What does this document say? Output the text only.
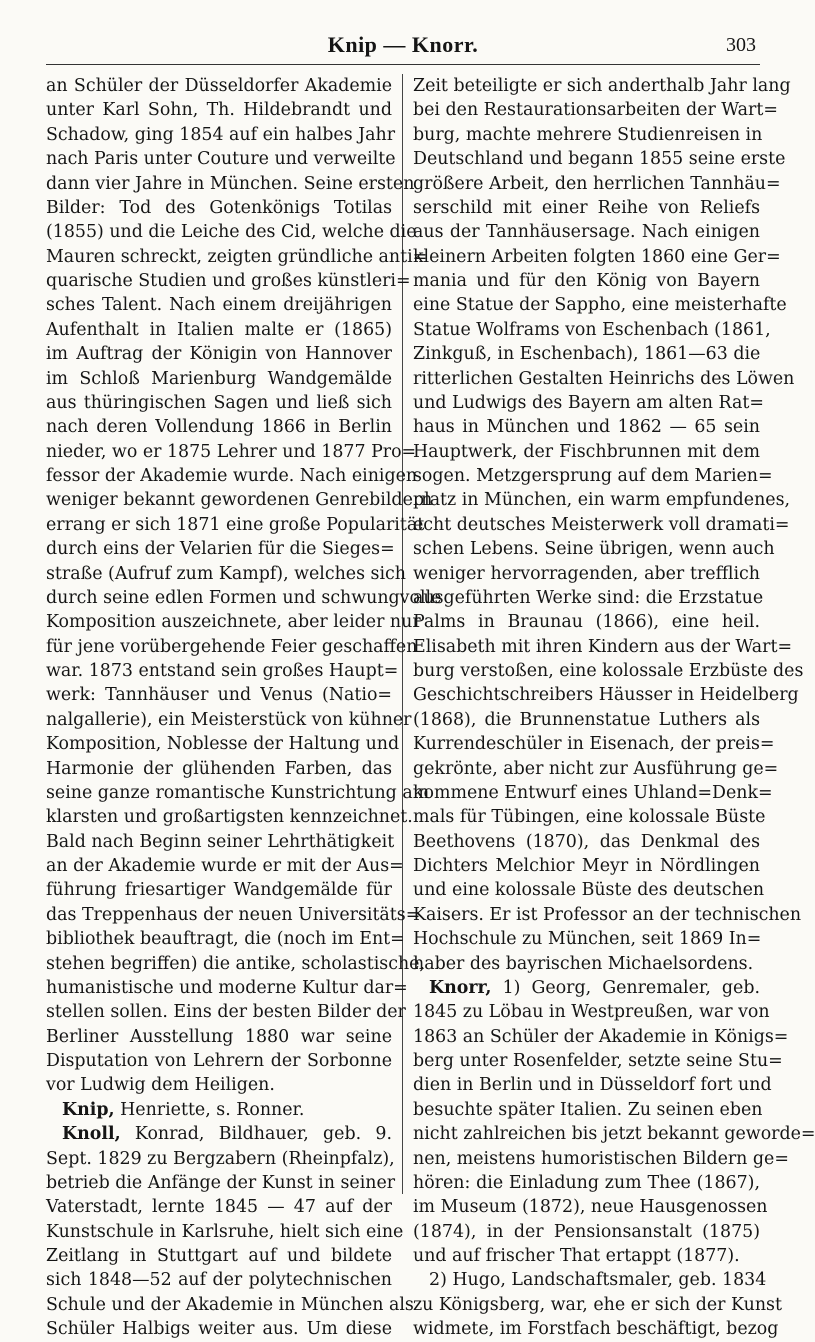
Knip — Knorr.	303
an Schüler der Düsseldorfer Akademie
unter Karl Sohn, Th. Hildebrandt und
Schadow, ging 1854 auf ein halbes Jahr
nach Paris unter Couture und verweilte
dann vier Jahre in München. Seine ersten
Bilder: Tod des Gotenkönigs Totilas
(1855) und die Leiche des Cid, welche die
Mauren schreckt, zeigten gründliche anti=
quarische Studien und großes künstleri=
sches Talent. Nach einem dreijährigen
Aufenthalt in Italien malte er (1865)
im Auftrag der Königin von Hannover
im Schloß Marienburg Wandgemälde
aus thüringischen Sagen und ließ sich
nach deren Vollendung 1866 in Berlin
nieder, wo er 1875 Lehrer und 1877 Pro=
fessor der Akademie wurde. Nach einigen
weniger bekannt gewordenen Genrebildern
errang er sich 1871 eine große Popularität
durch eins der Velarien für die Sieges=
straße (Aufruf zum Kampf), welches sich
durch seine edlen Formen und schwungvolle
Komposition auszeichnete, aber leider nur
für jene vorübergehende Feier geschaffen
war. 1873 entstand sein großes Haupt=
werk: Tannhäuser und Venus (Natio=
nalgallerie), ein Meisterstück von kühner
Komposition, Noblesse der Haltung und
Harmonie der glühenden Farben, das
seine ganze romantische Kunstrichtung am
klarsten und großartigsten kennzeichnet.
Bald nach Beginn seiner Lehrthätigkeit
an der Akademie wurde er mit der Aus=
führung friesartiger Wandgemälde für
das Treppenhaus der neuen Universitäts=
bibliothek beauftragt, die (noch im Ent=
stehen begriffen) die antike, scholastische,
humanistische und moderne Kultur dar=
stellen sollen. Eins der besten Bilder der
Berliner Ausstellung 1880 war seine
Disputation von Lehrern der Sorbonne
vor Ludwig dem Heiligen.
Knip, Henriette, s. Ronner.
Knoll, Konrad, Bildhauer, geb. 9.
Sept. 1829 zu Bergzabern (Rheinpfalz),
betrieb die Anfänge der Kunst in seiner
Vaterstadt, lernte 1845 — 47 auf der
Kunstschule in Karlsruhe, hielt sich eine
Zeitlang in Stuttgart auf und bildete
sich 1848—52 auf der polytechnischen
Schule und der Akademie in München als
Schüler Halbigs weiter aus. Um diese
Zeit beteiligte er sich anderthalb Jahr lang
bei den Restaurationsarbeiten der Wart=
burg, machte mehrere Studienreisen in
Deutschland und begann 1855 seine erste
größere Arbeit, den herrlichen Tannhäu=
serschild mit einer Reihe von Reliefs
aus der Tannhäusersage. Nach einigen
kleinern Arbeiten folgten 1860 eine Ger=
mania und für den König von Bayern
eine Statue der Sappho, eine meisterhafte
Statue Wolframs von Eschenbach (1861,
Zinkguß, in Eschenbach), 1861—63 die
ritterlichen Gestalten Heinrichs des Löwen
und Ludwigs des Bayern am alten Rat=
haus in München und 1862 — 65 sein
Hauptwerk, der Fischbrunnen mit dem
sogen. Metzgersprung auf dem Marien=
platz in München, ein warm empfundenes,
echt deutsches Meisterwerk voll dramati=
schen Lebens. Seine übrigen, wenn auch
weniger hervorragenden, aber trefflich
ausgeführten Werke sind: die Erzstatue
Palms in Braunau (1866), eine heil.
Elisabeth mit ihren Kindern aus der Wart=
burg verstoßen, eine kolossale Erzbüste des
Geschichtschreibers Häusser in Heidelberg
(1868), die Brunnenstatue Luthers als
Kurrendeschüler in Eisenach, der preis=
gekrönte, aber nicht zur Ausführung ge=
kommene Entwurf eines Uhland=Denk=
mals für Tübingen, eine kolossale Büste
Beethovens (1870), das Denkmal des
Dichters Melchior Meyr in Nördlingen
und eine kolossale Büste des deutschen
Kaisers. Er ist Professor an der technischen
Hochschule zu München, seit 1869 In=
haber des bayrischen Michaelsordens.
Knorr, 1) Georg, Genremaler, geb.
1845 zu Löbau in Westpreußen, war von
1863 an Schüler der Akademie in Königs=
berg unter Rosenfelder, setzte seine Stu=
dien in Berlin und in Düsseldorf fort und
besuchte später Italien. Zu seinen eben
nicht zahlreichen bis jetzt bekannt geworde=
nen, meistens humoristischen Bildern ge=
hören: die Einladung zum Thee (1867),
im Museum (1872), neue Hausgenossen
(1874), in der Pensionsanstalt (1875)
und auf frischer That ertappt (1877).
2) Hugo, Landschaftsmaler, geb. 1834
zu Königsberg, war, ehe er sich der Kunst
widmete, im Forstfach beschäftigt, bezog
